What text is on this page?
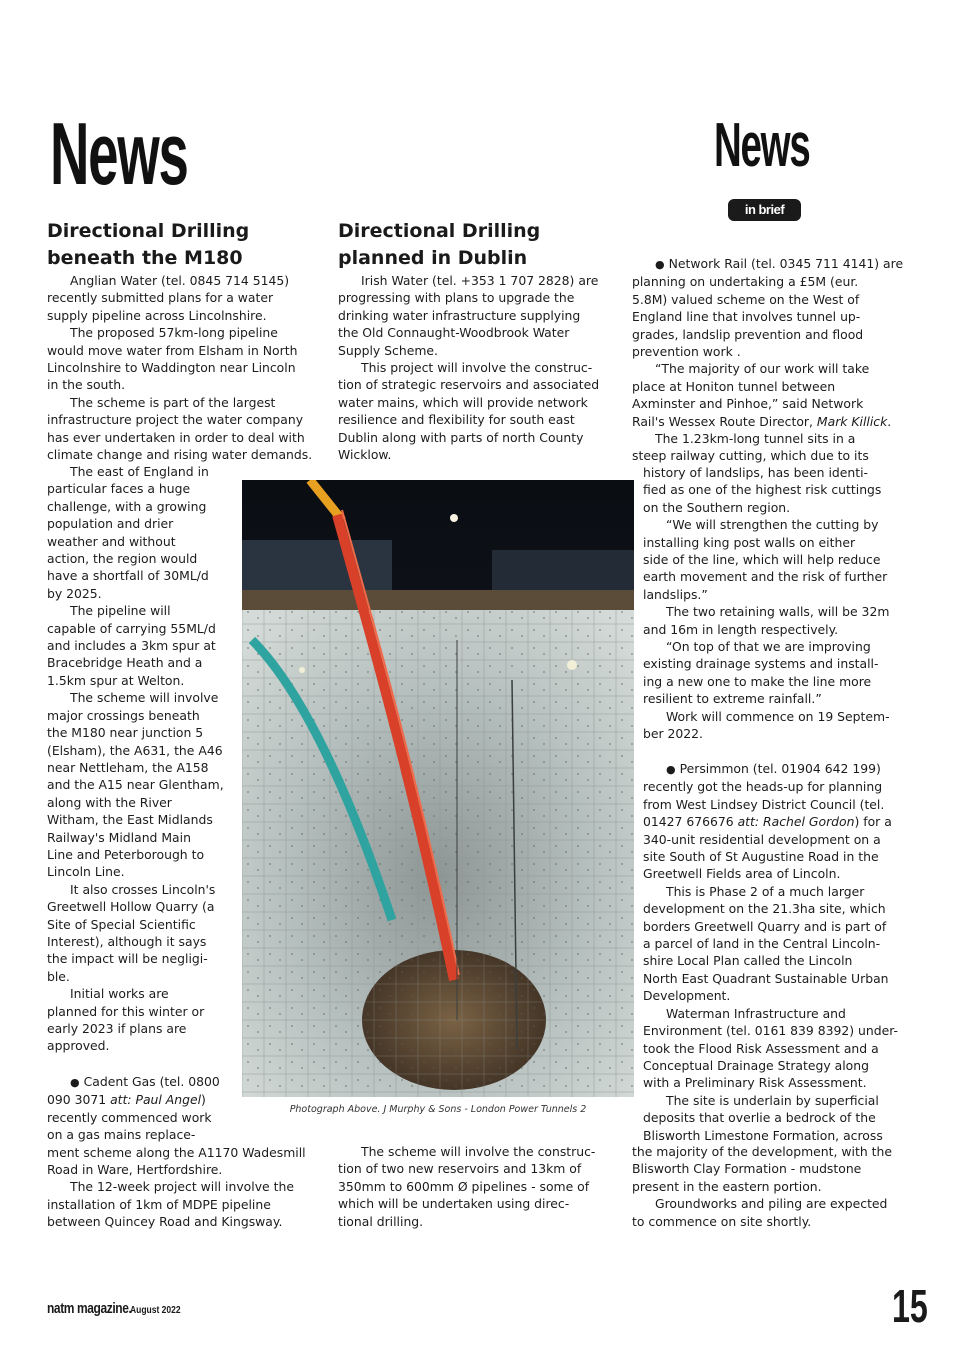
News	News
in brief
Directional Drilling
beneath the M180

Anglian Water (tel. 0845 714 5145)

recently submitted plans for a water

supply pipeline across Lincolnshire.

The proposed 57km-long pipeline

would move water from Elsham in North

Lincolnshire to Waddington near Lincoln

in the south.

The scheme is part of the largest

infrastructure project the water company

has ever undertaken in order to deal with

climate change and rising water demands.

The east of England in

particular faces a huge

challenge, with a growing

population and drier

weather and without

action, the region would

have a shortfall of 30ML/d

by 2025.

The pipeline will

capable of carrying 55ML/d

and includes a 3km spur at

Bracebridge Heath and a

1.5km spur at Welton.

The scheme will involve

major crossings beneath

the M180 near junction 5

(Elsham), the A631, the A46

near Nettleham, the A158

and the A15 near Glentham,

along with the River

Witham, the East Midlands

Railway's Midland Main

Line and Peterborough to

Lincoln Line.

It also crosses Lincoln's

Greetwell Hollow Quarry (a

Site of Special Scientific

Interest), although it says

the impact will be negligi-

ble.

Initial works are

planned for this winter or

early 2023 if plans are

approved.

● Cadent Gas (tel. 0800

090 3071 att: Paul Angel)

recently commenced work

on a gas mains replace-

ment scheme along the A1170 Wadesmill

Road in Ware, Hertfordshire.

The 12-week project will involve the

installation of 1km of MDPE pipeline

between Quincey Road and Kingsway.

Directional Drilling
planned in Dublin

Irish Water (tel. +353 1 707 2828) are

progressing with plans to upgrade the

drinking water infrastructure supplying

the Old Connaught-Woodbrook Water

Supply Scheme.

This project will involve the construc-

tion of strategic reservoirs and associated

water mains, which will provide network

resilience and flexibility for south east

Dublin along with parts of north County

Wicklow.

Photograph Above. J Murphy & Sons - London Power Tunnels 2

The scheme will involve the construc-

tion of two new reservoirs and 13km of

350mm to 600mm Ø pipelines - some of

which will be undertaken using direc-

tional drilling.

● Network Rail (tel. 0345 711 4141) are

planning on undertaking a £5M (eur.

5.8M) valued scheme on the West of

England line that involves tunnel up-

grades, landslip prevention and flood

prevention work .

“The majority of our work will take

place at Honiton tunnel between

Axminster and Pinhoe,” said Network

Rail's Wessex Route Director, Mark Killick.

The 1.23km-long tunnel sits in a

steep railway cutting, which due to its

history of landslips, has been identi-

fied as one of the highest risk cuttings

on the Southern region.

“We will strengthen the cutting by

installing king post walls on either

side of the line, which will help reduce

earth movement and the risk of further

landslips.”

The two retaining walls, will be 32m

and 16m in length respectively.

“On top of that we are improving

existing drainage systems and install-

ing a new one to make the line more

resilient to extreme rainfall.”

Work will commence on 19 Septem-

ber 2022.

● Persimmon (tel. 01904 642 199)

recently got the heads-up for planning

from West Lindsey District Council (tel.

01427 676676 att: Rachel Gordon) for a

340-unit residential development on a

site South of St Augustine Road in the

Greetwell Fields area of Lincoln.

This is Phase 2 of a much larger

development on the 21.3ha site, which

borders Greetwell Quarry and is part of

a parcel of land in the Central Lincoln-

shire Local Plan called the Lincoln

North East Quadrant Sustainable Urban

Development.

Waterman Infrastructure and

Environment (tel. 0161 839 8392) under-

took the Flood Risk Assessment and a

Conceptual Drainage Strategy along

with a Preliminary Risk Assessment.

The site is underlain by superficial

deposits that overlie a bedrock of the

Blisworth Limestone Formation, across

the majority of the development, with the

Blisworth Clay Formation - mudstone

present in the eastern portion.

Groundworks and piling are expected

to commence on site shortly.

natm magazine.
August 2022	15
